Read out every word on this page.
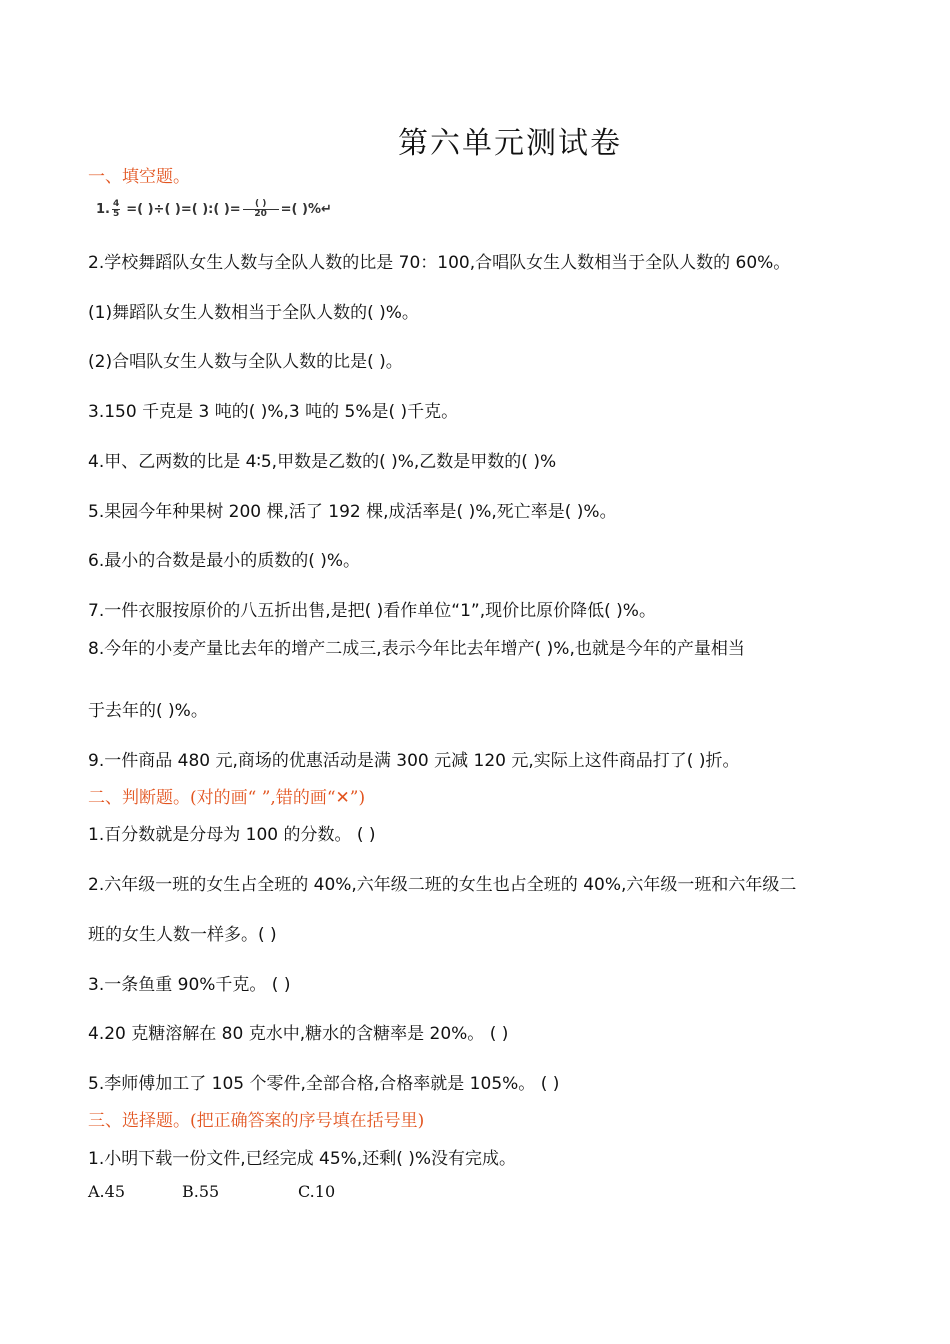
第六单元测试卷
一、填空题。
1. $\frac{4}{5}$ =( )÷( )=( ):( )= $\frac{( )}{20}$ =( )%↵
2.学校舞蹈队女生人数与全队人数的比是 70：100,合唱队女生人数相当于全队人数的 60%。
(1)舞蹈队女生人数相当于全队人数的( )%。
(2)合唱队女生人数与全队人数的比是( )。
3.150 千克是 3 吨的( )%,3 吨的 5%是( )千克。
4.甲、乙两数的比是 4∶5,甲数是乙数的( )%,乙数是甲数的( )%
5.果园今年种果树 200 棵,活了 192 棵,成活率是( )%,死亡率是( )%。
6.最小的合数是最小的质数的( )%。
7.一件衣服按原价的八五折出售,是把( )看作单位“1”,现价比原价降低( )%。
8.今年的小麦产量比去年的增产二成三,表示今年比去年增产( )%,也就是今年的产量相当
于去年的( )%。
9.一件商品 480 元,商场的优惠活动是满 300 元减 120 元,实际上这件商品打了( )折。
二、判断题。(对的画“ ”,错的画“✕”)
1.百分数就是分母为 100 的分数。 ( )
2.六年级一班的女生占全班的 40%,六年级二班的女生也占全班的 40%,六年级一班和六年级二
班的女生人数一样多。( )
3.一条鱼重 90%千克。 ( )
4.20 克糖溶解在 80 克水中,糖水的含糖率是 20%。 ( )
5.李师傅加工了 105 个零件,全部合格,合格率就是 105%。 ( )
三、选择题。(把正确答案的序号填在括号里)
1.小明下载一份文件,已经完成 45%,还剩( )%没有完成。
A.45	B.55	C.10
